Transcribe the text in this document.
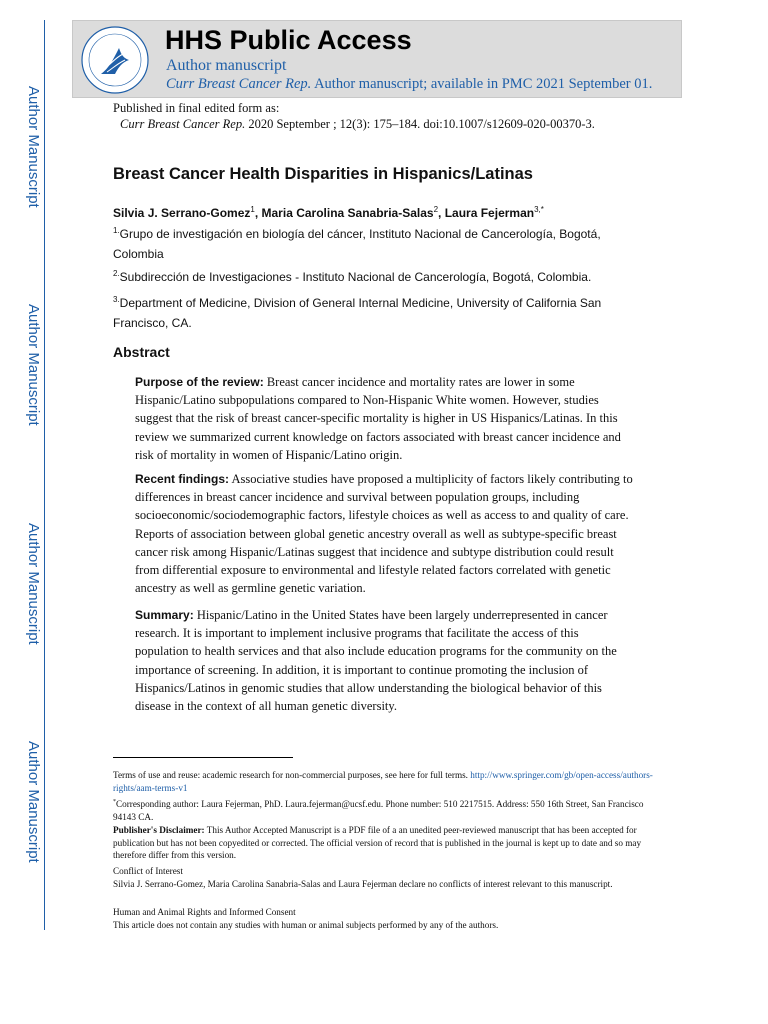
Author Manuscript
Author Manuscript
Author Manuscript
Author Manuscript
HHS Public Access
Author manuscript
Curr Breast Cancer Rep. Author manuscript; available in PMC 2021 September 01.
Published in final edited form as:
Curr Breast Cancer Rep. 2020 September ; 12(3): 175–184. doi:10.1007/s12609-020-00370-3.
Breast Cancer Health Disparities in Hispanics/Latinas
Silvia J. Serrano-Gomez$^1$, Maria Carolina Sanabria-Salas$^2$, Laura Fejerman$^{3,*}$
$^{1.}$Grupo de investigación en biología del cáncer, Instituto Nacional de Cancerología, Bogotá, Colombia
$^{2.}$Subdirección de Investigaciones - Instituto Nacional de Cancerología, Bogotá, Colombia.
$^{3.}$Department of Medicine, Division of General Internal Medicine, University of California San Francisco, CA.
Abstract
Purpose of the review: Breast cancer incidence and mortality rates are lower in some Hispanic/Latino subpopulations compared to Non-Hispanic White women. However, studies suggest that the risk of breast cancer-specific mortality is higher in US Hispanics/Latinas. In this review we summarized current knowledge on factors associated with breast cancer incidence and risk of mortality in women of Hispanic/Latino origin.
Recent findings: Associative studies have proposed a multiplicity of factors likely contributing to differences in breast cancer incidence and survival between population groups, including socioeconomic/sociodemographic factors, lifestyle choices as well as access to and quality of care. Reports of association between global genetic ancestry overall as well as subtype-specific breast cancer risk among Hispanic/Latinas suggest that incidence and subtype distribution could result from differential exposure to environmental and lifestyle related factors correlated with genetic ancestry as well as germline genetic variation.
Summary: Hispanic/Latino in the United States have been largely underrepresented in cancer research. It is important to implement inclusive programs that facilitate the access of this population to health services and that also include education programs for the community on the importance of screening. In addition, it is important to continue promoting the inclusion of Hispanics/Latinos in genomic studies that allow understanding the biological behavior of this disease in the context of all human genetic diversity.
Terms of use and reuse: academic research for non-commercial purposes, see here for full terms. http://www.springer.com/gb/open-access/authors-rights/aam-terms-v1
*Corresponding author: Laura Fejerman, PhD. Laura.fejerman@ucsf.edu. Phone number: 510 2217515. Address: 550 16th Street, San Francisco 94143 CA.
Publisher's Disclaimer: This Author Accepted Manuscript is a PDF file of a an unedited peer-reviewed manuscript that has been accepted for publication but has not been copyedited or corrected. The official version of record that is published in the journal is kept up to date and so may therefore differ from this version.
Conflict of Interest
Silvia J. Serrano-Gomez, Maria Carolina Sanabria-Salas and Laura Fejerman declare no conflicts of interest relevant to this manuscript.
Human and Animal Rights and Informed Consent
This article does not contain any studies with human or animal subjects performed by any of the authors.
